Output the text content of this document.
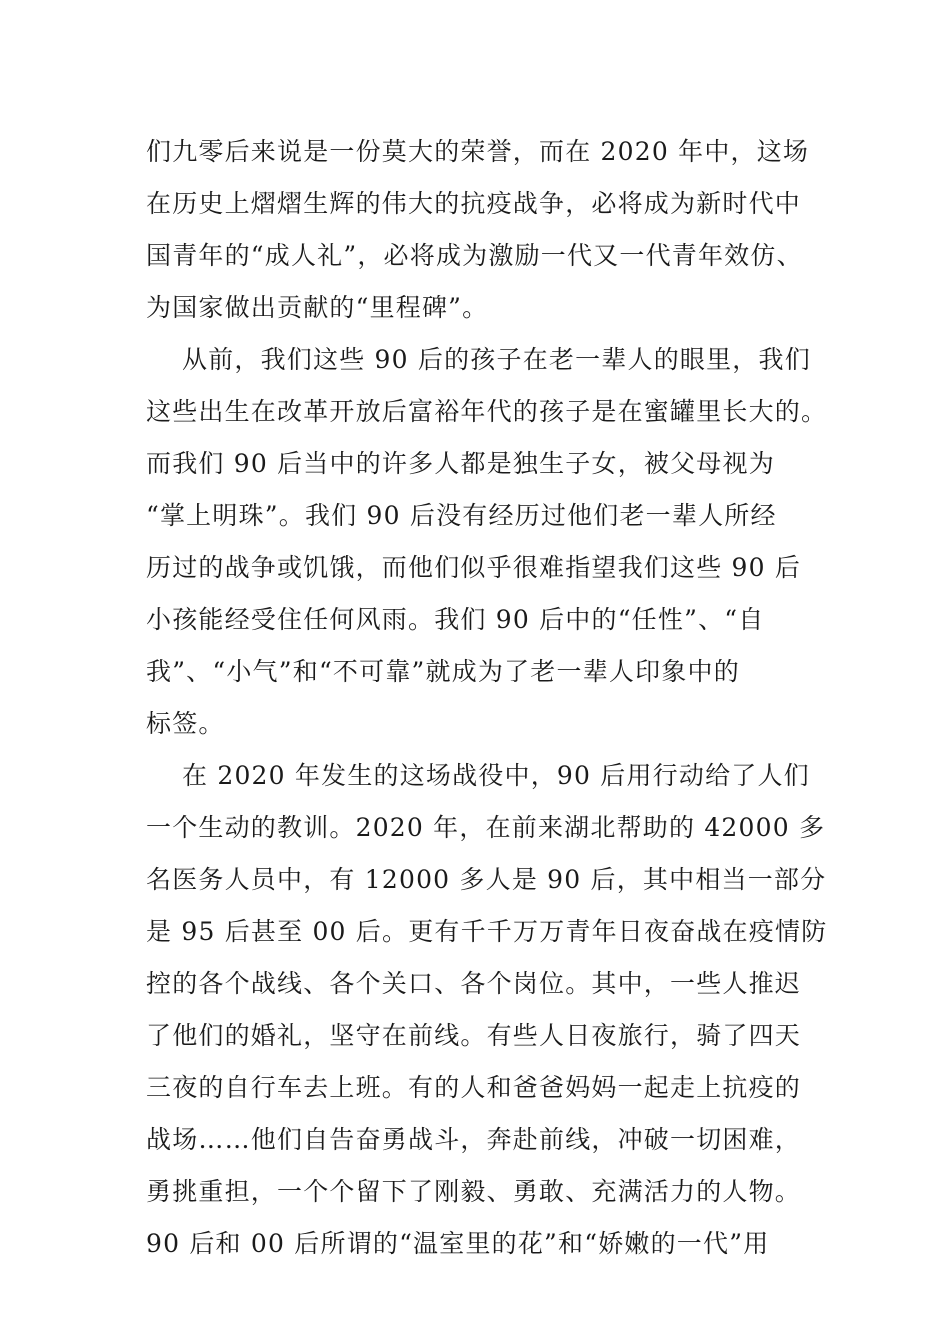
们九零后来说是一份莫大的荣誉，而在 2020 年中，这场
在历史上熠熠生辉的伟大的抗疫战争，必将成为新时代中
国青年的“成人礼”，必将成为激励一代又一代青年效仿、
为国家做出贡献的“里程碑”。
从前，我们这些 90 后的孩子在老一辈人的眼里，我们
这些出生在改革开放后富裕年代的孩子是在蜜罐里长大的。
而我们 90 后当中的许多人都是独生子女，被父母视为
“掌上明珠”。我们 90 后没有经历过他们老一辈人所经
历过的战争或饥饿，而他们似乎很难指望我们这些 90 后
小孩能经受住任何风雨。我们 90 后中的“任性”、“自
我”、“小气”和“不可靠”就成为了老一辈人印象中的
标签。
在 2020 年发生的这场战役中，90 后用行动给了人们
一个生动的教训。2020 年，在前来湖北帮助的 42000 多
名医务人员中，有 12000 多人是 90 后，其中相当一部分
是 95 后甚至 00 后。更有千千万万青年日夜奋战在疫情防
控的各个战线、各个关口、各个岗位。其中，一些人推迟
了他们的婚礼，坚守在前线。有些人日夜旅行，骑了四天
三夜的自行车去上班。有的人和爸爸妈妈一起走上抗疫的
战场……他们自告奋勇战斗，奔赴前线，冲破一切困难，
勇挑重担，一个个留下了刚毅、勇敢、充满活力的人物。
90 后和 00 后所谓的“温室里的花”和“娇嫩的一代”用
